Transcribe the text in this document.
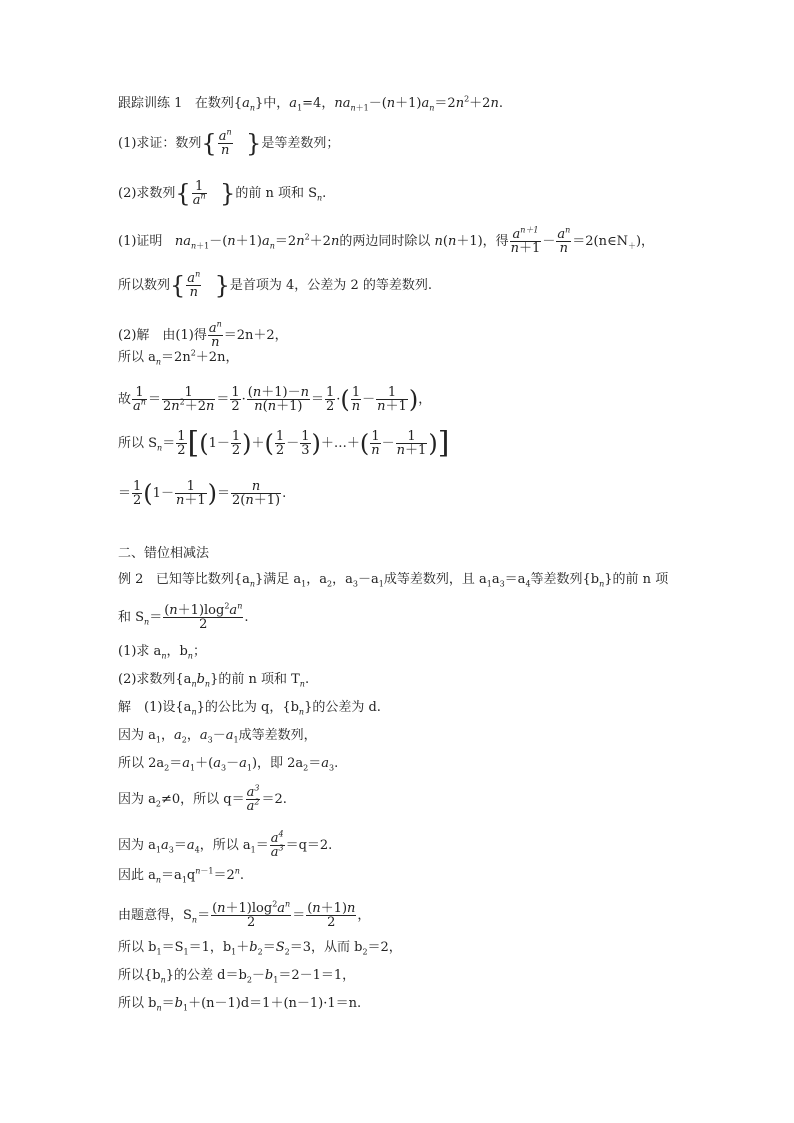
跟踪训练 1 在数列$\{a_n\}$中，$a_1=4$，$na_{n+1}-(n+1)a_n=2n^2+2n$.
(1)求证：数列{ $\frac{a^n}{n}$ }是等差数列；
(2)求数列{ $\frac{1}{a^n}$ }的前 n 项和 $S_n$.
(1)证明 $na_{n+1}-(n+1)a_n=2n^2+2n$的两边同时除以 n(n＋1)，得 $\frac{a^{n+1}}{n+1} - \frac{a^n}{n}$ $=2(n\in N_+)$，
所以数列{ $\frac{a^n}{n}$ }是首项为 4，公差为 2 的等差数列.
(2)解　由(1)得 $\frac{a^n}{n} =2n+2$，
所以 $a_n=2n^2+2n$，
故 $\frac{1}{a^n} = \frac{1}{2n^2+2n} = \frac{1}{2} \cdot \frac{(n+1)-n}{n(n+1)} = \frac{1}{2}$ ·( $\frac{1}{n} - \frac{1}{n+1}$ )，
所以 $S_n= \frac{1}{2} [(1- \frac{1}{2}$ )＋( $\frac{1}{2} - \frac{1}{3}$ )＋…＋( $\frac{1}{n} - \frac{1}{n+1}$ )]
＝ $\frac{1}{2} (1- \frac{1}{n+1}$ )＝ $\frac{n}{2(n+1)}$ .
二、错位相减法
例 2 已知等比数列$\{a_n\}$满足 $a_1$，$a_2$，$a_3-a_1$成等差数列，且 $a_1a_3=a_4$等差数列$\{b_n\}$的前 n 项
和 $S_n= \frac{(n+1)\log^2a^n}{2}$ .
(1)求 $a_n$，$b_n$；
(2)求数列$\{a_nb_n\}$的前 n 项和 $T_n$.
解　(1)设$\{a_n\}$的公比为 q，$\{b_n\}$的公差为 d.
因为 $a_1$，$a_2$，$a_3-a_1$成等差数列，
所以 $2a_2=a_1+(a_3-a_1)$，即 $2a_2=a_3$.
因为 $a_2\ne 0$，所以 $q= \frac{a^3}{a^2} =2$.
因为 $a_1a_3=a_4$，所以 $a_1= \frac{a^4}{a^3} =q=2$.
因此 $a_n=a_1q^{n-1}=2^n$.
由题意得，$S_n= \frac{(n+1)\log^2a^n}{2} = \frac{(n+1)n}{2}$ ，
所以 $b_1=S_1=1$，$b_1+b_2=S_2=3$，从而 $b_2=2$，
所以$\{b_n\}$的公差 $d=b_2-b_1=2-1=1$，
所以 $b_n=b_1+(n-1)d=1+(n-1)\cdot 1=n$.
